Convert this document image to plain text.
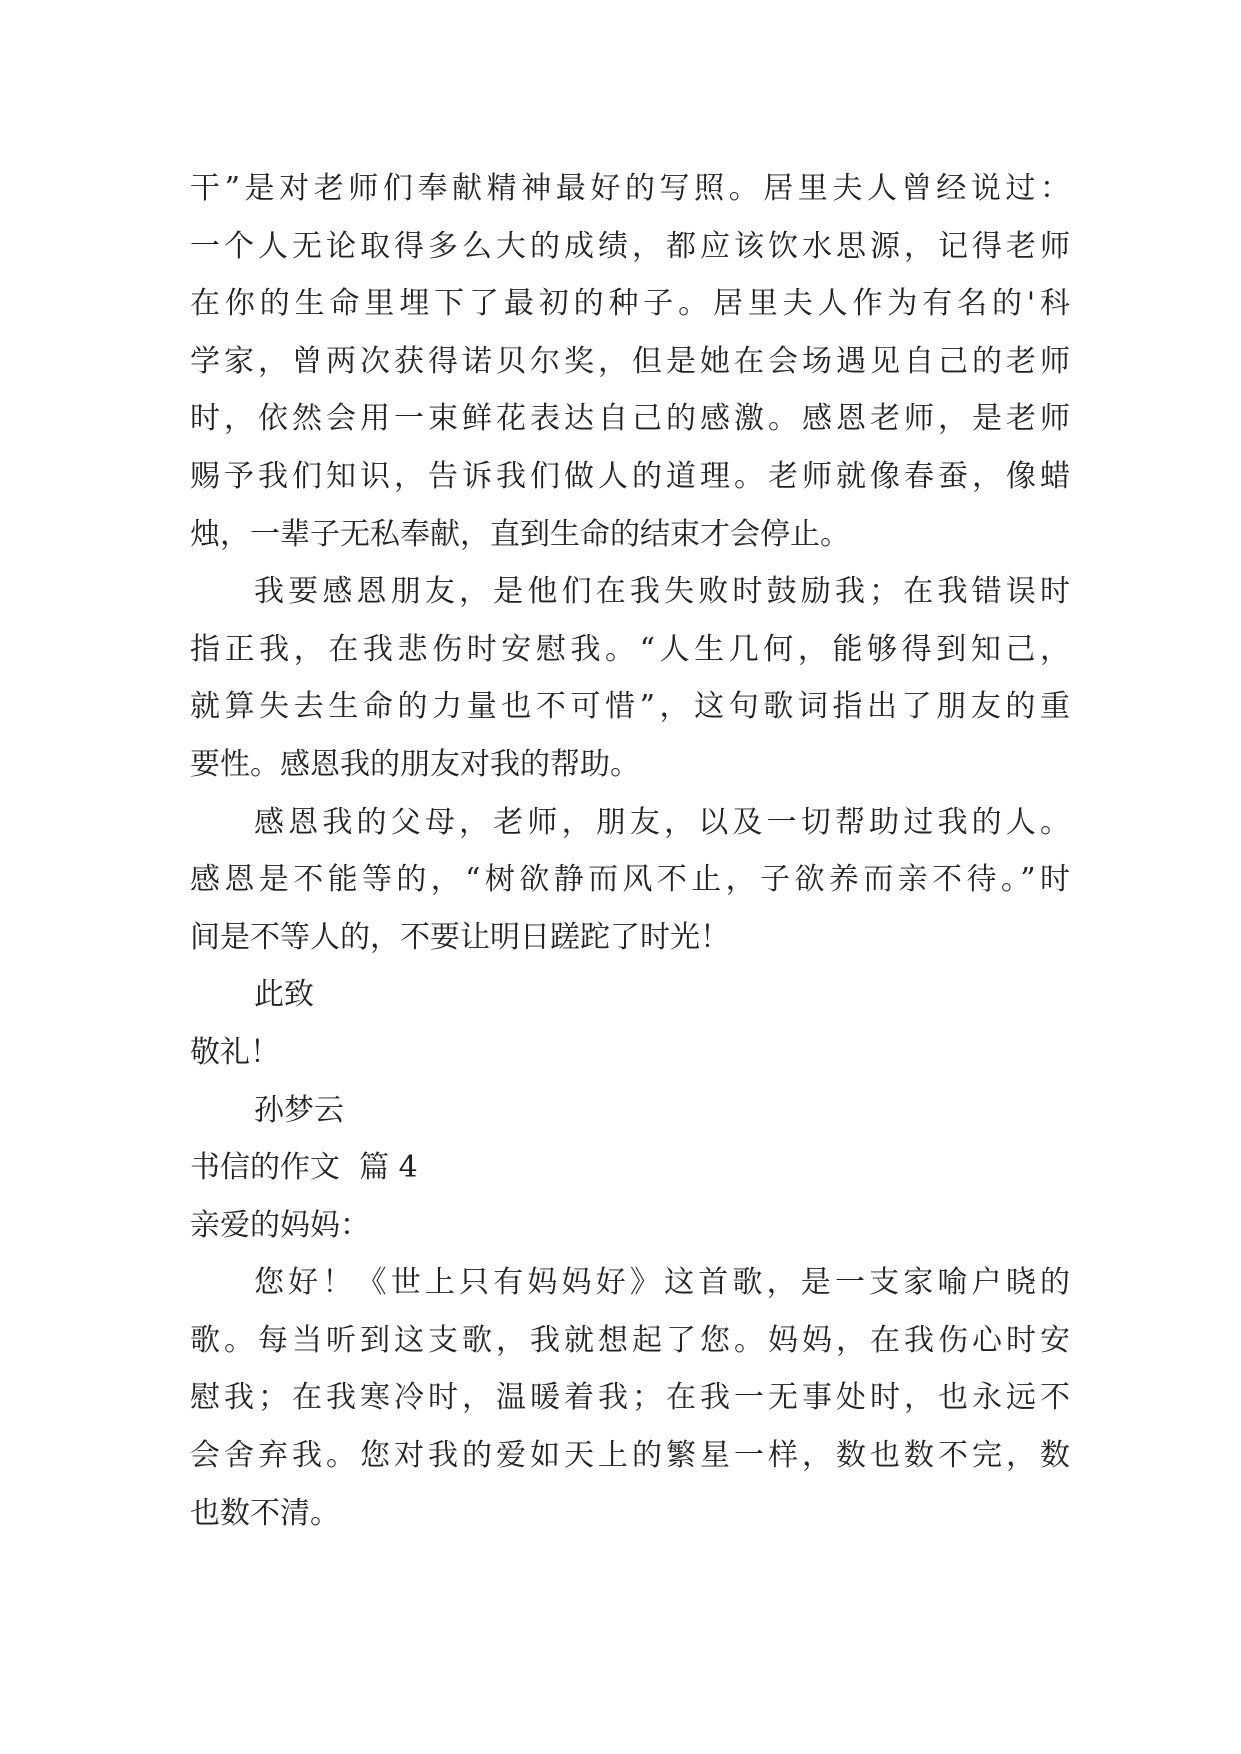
干”是对老师们奉献精神最好的写照。居里夫人曾经说过：
一个人无论取得多么大的成绩，都应该饮水思源，记得老师
在你的生命里埋下了最初的种子。居里夫人作为有名的'科
学家，曾两次获得诺贝尔奖，但是她在会场遇见自己的老师
时，依然会用一束鲜花表达自己的感激。感恩老师，是老师
赐予我们知识，告诉我们做人的道理。老师就像春蚕，像蜡
烛，一辈子无私奉献，直到生命的结束才会停止。
我要感恩朋友，是他们在我失败时鼓励我；在我错误时
指正我，在我悲伤时安慰我。“人生几何，能够得到知己，
就算失去生命的力量也不可惜”，这句歌词指出了朋友的重
要性。感恩我的朋友对我的帮助。
感恩我的父母，老师，朋友，以及一切帮助过我的人。
感恩是不能等的，“树欲静而风不止，子欲养而亲不待。”时
间是不等人的，不要让明日蹉跎了时光！
此致
敬礼！
孙梦云
书信的作文  篇 4
亲爱的妈妈：
您好！《世上只有妈妈好》这首歌，是一支家喻户晓的
歌。每当听到这支歌，我就想起了您。妈妈，在我伤心时安
慰我；在我寒冷时，温暖着我；在我一无事处时，也永远不
会舍弃我。您对我的爱如天上的繁星一样，数也数不完，数
也数不清。
